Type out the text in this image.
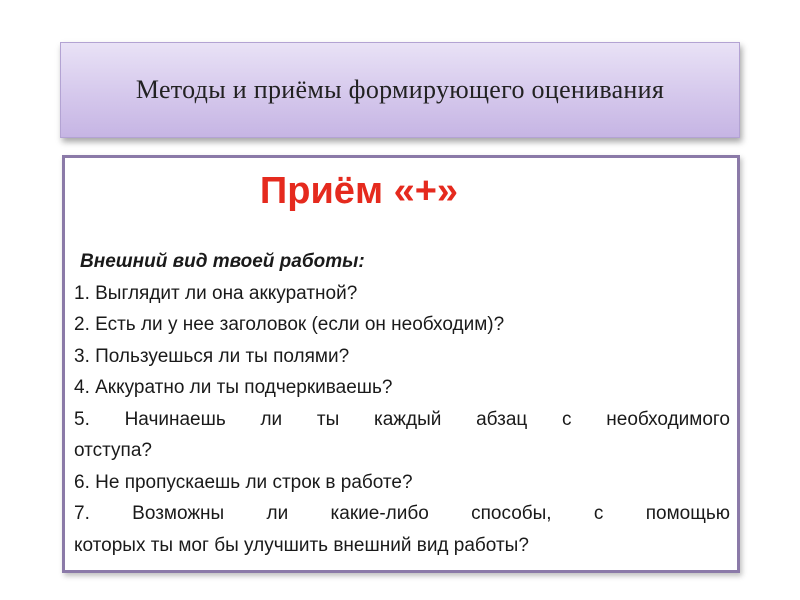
Методы и приёмы формирующего оценивания
Приём «+»
Внешний вид твоей работы:
1. Выглядит ли она аккуратной?
2. Есть ли у нее заголовок (если он необходим)?
3. Пользуешься ли ты полями?
4. Аккуратно ли ты подчеркиваешь?
5. Начинаешь ли ты каждый абзац с необходимого
отступа?
6. Не пропускаешь ли строк в работе?
7. Возможны ли какие-либо способы, с помощью
которых ты мог бы улучшить внешний вид работы?
